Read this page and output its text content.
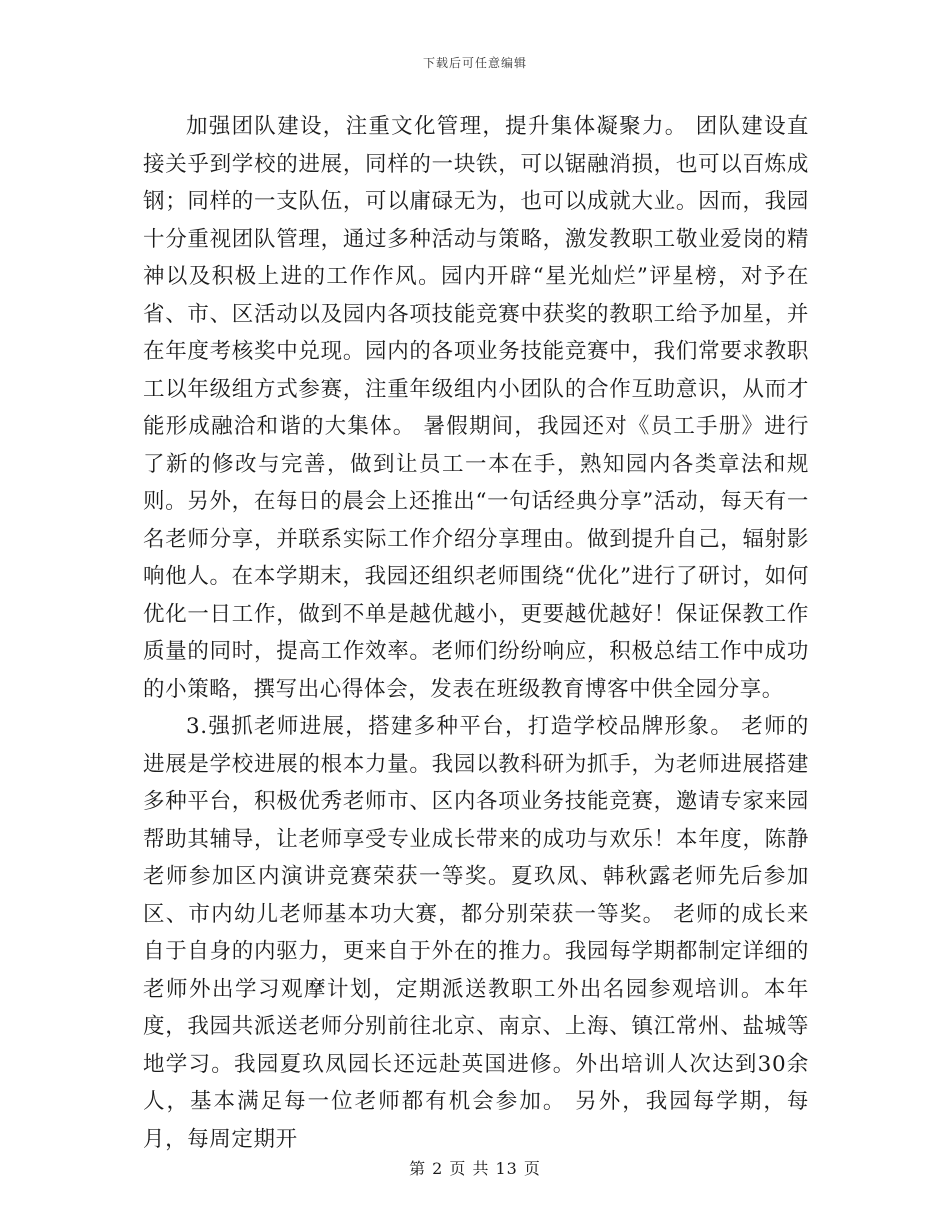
下载后可任意编辑

加强团队建设，注重文化管理，提升集体凝聚力。 团队建设直接关乎到学校的进展，同样的一块铁，可以锯融消损，也可以百炼成钢；同样的一支队伍，可以庸碌无为，也可以成就大业。因而，我园十分重视团队管理，通过多种活动与策略，激发教职工敬业爱岗的精神以及积极上进的工作作风。园内开辟“星光灿烂”评星榜，对予在省、市、区活动以及园内各项技能竞赛中获奖的教职工给予加星，并在年度考核奖中兑现。园内的各项业务技能竞赛中，我们常要求教职工以年级组方式参赛，注重年级组内小团队的合作互助意识，从而才能形成融洽和谐的大集体。 暑假期间，我园还对《员工手册》进行了新的修改与完善，做到让员工一本在手，熟知园内各类章法和规则。另外，在每日的晨会上还推出“一句话经典分享”活动，每天有一名老师分享，并联系实际工作介绍分享理由。做到提升自己，辐射影响他人。在本学期末，我园还组织老师围绕“优化”进行了研讨，如何优化一日工作，做到不单是越优越小，更要越优越好！保证保教工作质量的同时，提高工作效率。老师们纷纷响应，积极总结工作中成功的小策略，撰写出心得体会，发表在班级教育博客中供全园分享。

3.强抓老师进展，搭建多种平台，打造学校品牌形象。 老师的进展是学校进展的根本力量。我园以教科研为抓手，为老师进展搭建多种平台，积极优秀老师市、区内各项业务技能竞赛，邀请专家来园帮助其辅导，让老师享受专业成长带来的成功与欢乐！本年度，陈静老师参加区内演讲竞赛荣获一等奖。夏玖凤、韩秋露老师先后参加区、市内幼儿老师基本功大赛，都分别荣获一等奖。 老师的成长来自于自身的内驱力，更来自于外在的推力。我园每学期都制定详细的老师外出学习观摩计划，定期派送教职工外出名园参观培训。本年度，我园共派送老师分别前往北京、南京、上海、镇江常州、盐城等地学习。我园夏玖凤园长还远赴英国进修。外出培训人次达到30余人，基本满足每一位老师都有机会参加。 另外，我园每学期，每月，每周定期开

第 2 页 共 13 页
